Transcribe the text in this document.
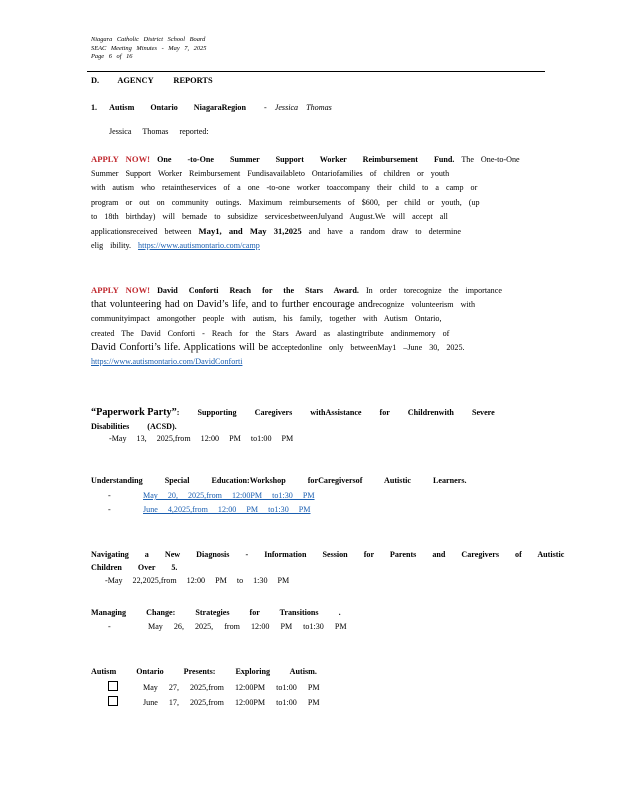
Niagara Catholic District School Board
SEAC Meeting Minutes - May 7, 2025
Page 6 of 16
D. AGENCY REPORTS
1. Autism Ontario NiagaraRegion - Jessica Thomas
Jessica Thomas reported:
APPLY NOW! One -to-One Summer Support Worker Reimbursement Fund. The One-to-One
Summer Support Worker Reimbursement Fundisavailableto Ontariofamilies of children or youth
with autism who retaintheservices of a one -to-one worker toaccompany their child to a camp or
program or out on community outings. Maximum reimbursements of $600, per child or youth, (up
to 18th birthday) will bemade to subsidize servicesbetweenJulyand August.We will accept all
applicationsreceived between May1, and May 31,2025 and have a random draw to determine
elig ibility. https://www.autismontario.com/camp
APPLY NOW! David Conforti Reach for the Stars Award. In order torecognize the importance
that volunteering had on David’s life, and to further encourage andrecognize volunteerism with
communityimpact amongother people with autism, his family, together with Autism Ontario,
created The David Conforti - Reach for the Stars Award as alastingtribute andinmemory of
David Conforti’s life. Applications will be acceptedonline only betweenMay1 –June 30, 2025.
https://www.autismontario.com/DavidConforti
“Paperwork Party”: Supporting Caregivers withAssistance for Childrenwith Severe
Disabilities (ACSD).
-May 13, 2025,from 12:00 PM to1:00 PM
Understanding Special Education:Workshop forCaregiversof Autistic Learners.
-	May 20, 2025,from 12:00PM to1:30 PM
-	June 4,2025,from 12:00 PM to1:30 PM
Navigating a New Diagnosis - Information Session for Parents and Caregivers of Autistic
Children Over 5.
-May 22,2025,from 12:00 PM to 1:30 PM
Managing Change: Strategies for Transitions .
-	May 26, 2025, from 12:00 PM to1:30 PM
Autism Ontario Presents: Exploring Autism.
May 27, 2025,from 12:00PM to1:00 PM
June 17, 2025,from 12:00PM to1:00 PM
